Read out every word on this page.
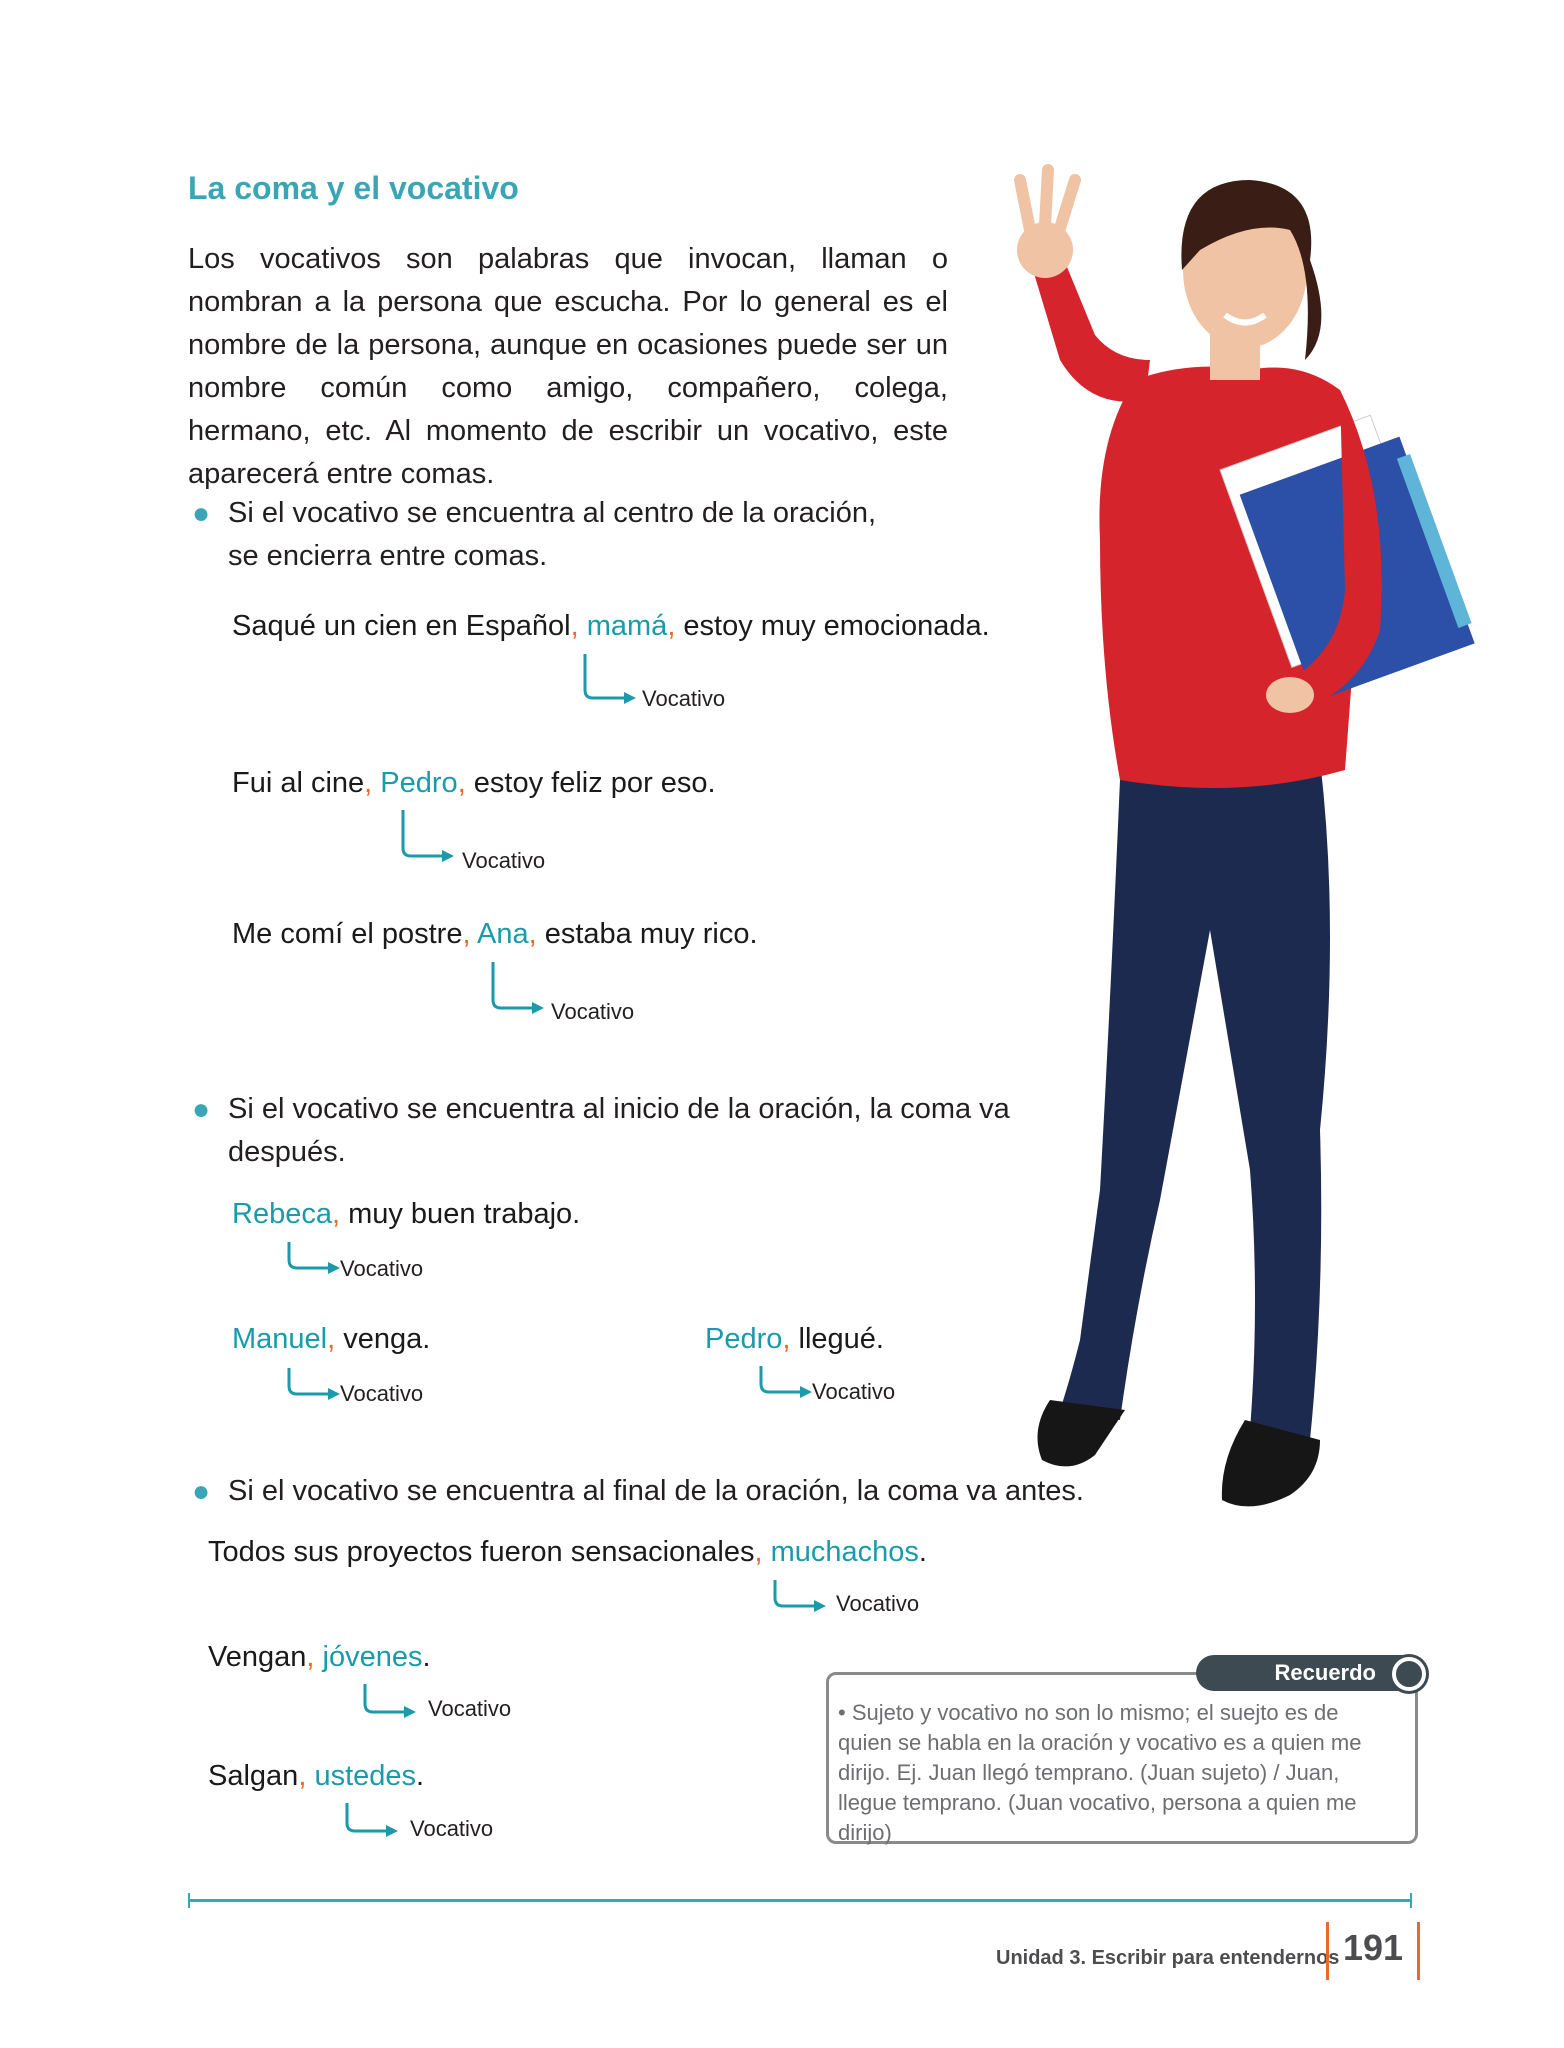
La coma y el vocativo
Los vocativos son palabras que invocan, llaman o nombran a la persona que escucha. Por lo general es el nombre de la persona, aunque en ocasiones puede ser un nombre común como amigo, compañero, colega, hermano, etc. Al momento de escribir un vocativo, este aparecerá entre comas.
● Si el vocativo se encuentra al centro de la oración,
se encierra entre comas.
Saqué un cien en Español, mamá, estoy muy emocionada.
Vocativo
Fui al cine, Pedro, estoy feliz por eso.
Vocativo
Me comí el postre, Ana, estaba muy rico.
Vocativo
● Si el vocativo se encuentra al inicio de la oración, la coma va
después.
Rebeca, muy buen trabajo.
Vocativo
Manuel, venga.
Vocativo
Pedro, llegué.
Vocativo
● Si el vocativo se encuentra al final de la oración, la coma va antes.
Todos sus proyectos fueron sensacionales, muchachos.
Vocativo
Vengan, jóvenes.
Vocativo
Salgan, ustedes.
Vocativo
Recuerdo
• Sujeto y vocativo no son lo mismo; el suejto es de quien se habla en la oración y vocativo es a quien me dirijo. Ej. Juan llegó temprano. (Juan sujeto) / Juan, llegue temprano. (Juan vocativo, persona a quien me dirijo)
Unidad 3. Escribir para entendernos 191
